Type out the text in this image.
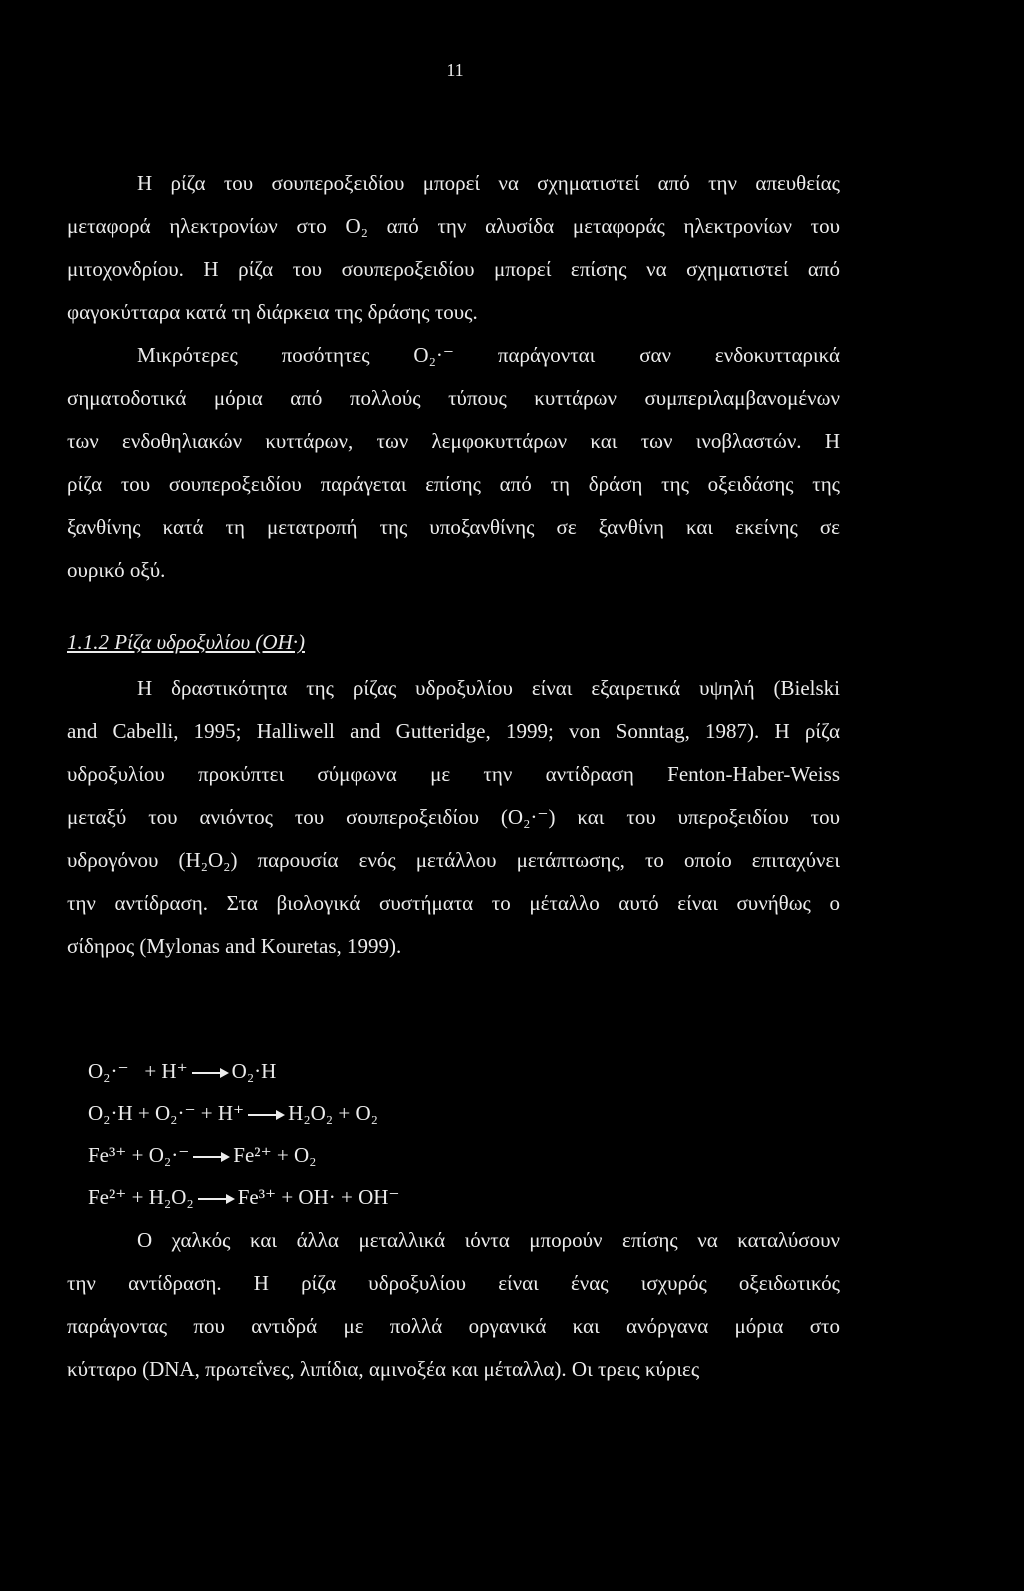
11
Η ρίζα του σουπεροξειδίου μπορεί να σχηματιστεί από την απευθείας
μεταφορά ηλεκτρονίων στο O₂ από την αλυσίδα μεταφοράς ηλεκτρονίων του
μιτοχονδρίου. Η ρίζα του σουπεροξειδίου μπορεί επίσης να σχηματιστεί από
φαγοκύτταρα κατά τη διάρκεια της δράσης τους.
Μικρότερες ποσότητες O₂·⁻ παράγονται σαν ενδοκυτταρικά
σηματοδοτικά μόρια από πολλούς τύπους κυττάρων συμπεριλαμβανομένων
των ενδοθηλιακών κυττάρων, των λεμφοκυττάρων και των ινοβλαστών. Η
ρίζα του σουπεροξειδίου παράγεται επίσης από τη δράση της οξειδάσης της
ξανθίνης κατά τη μετατροπή της υποξανθίνης σε ξανθίνη και εκείνης σε
ουρικό οξύ.
1.1.2 Ρίζα υδροξυλίου (OH·)
Η δραστικότητα της ρίζας υδροξυλίου είναι εξαιρετικά υψηλή (Bielski
and Cabelli, 1995; Halliwell and Gutteridge, 1999; von Sonntag, 1987). Η ρίζα
υδροξυλίου προκύπτει σύμφωνα με την αντίδραση Fenton-Haber-Weiss
μεταξύ του ανιόντος του σουπεροξειδίου (O₂·⁻) και του υπεροξειδίου του
υδρογόνου (H₂O₂) παρουσία ενός μετάλλου μετάπτωσης, το οποίο επιταχύνει
την αντίδραση. Στα βιολογικά συστήματα το μέταλλο αυτό είναι συνήθως ο
σίδηρος (Mylonas and Kouretas, 1999).

O₂·⁻   + H⁺ → O₂·H

O₂·H + O₂·⁻ + H⁺ → H₂O₂ + O₂

Fe³⁺ + O₂·⁻ → Fe²⁺ + O₂

Fe²⁺ + H₂O₂ → Fe³⁺ + OH· + OH⁻

Ο χαλκός και άλλα μεταλλικά ιόντα μπορούν επίσης να καταλύσουν
την αντίδραση. Η ρίζα υδροξυλίου είναι ένας ισχυρός οξειδωτικός
παράγοντας που αντιδρά με πολλά οργανικά και ανόργανα μόρια στο
κύτταρο (DNA, πρωτεΐνες, λιπίδια, αμινοξέα και μέταλλα). Οι τρεις κύριες
